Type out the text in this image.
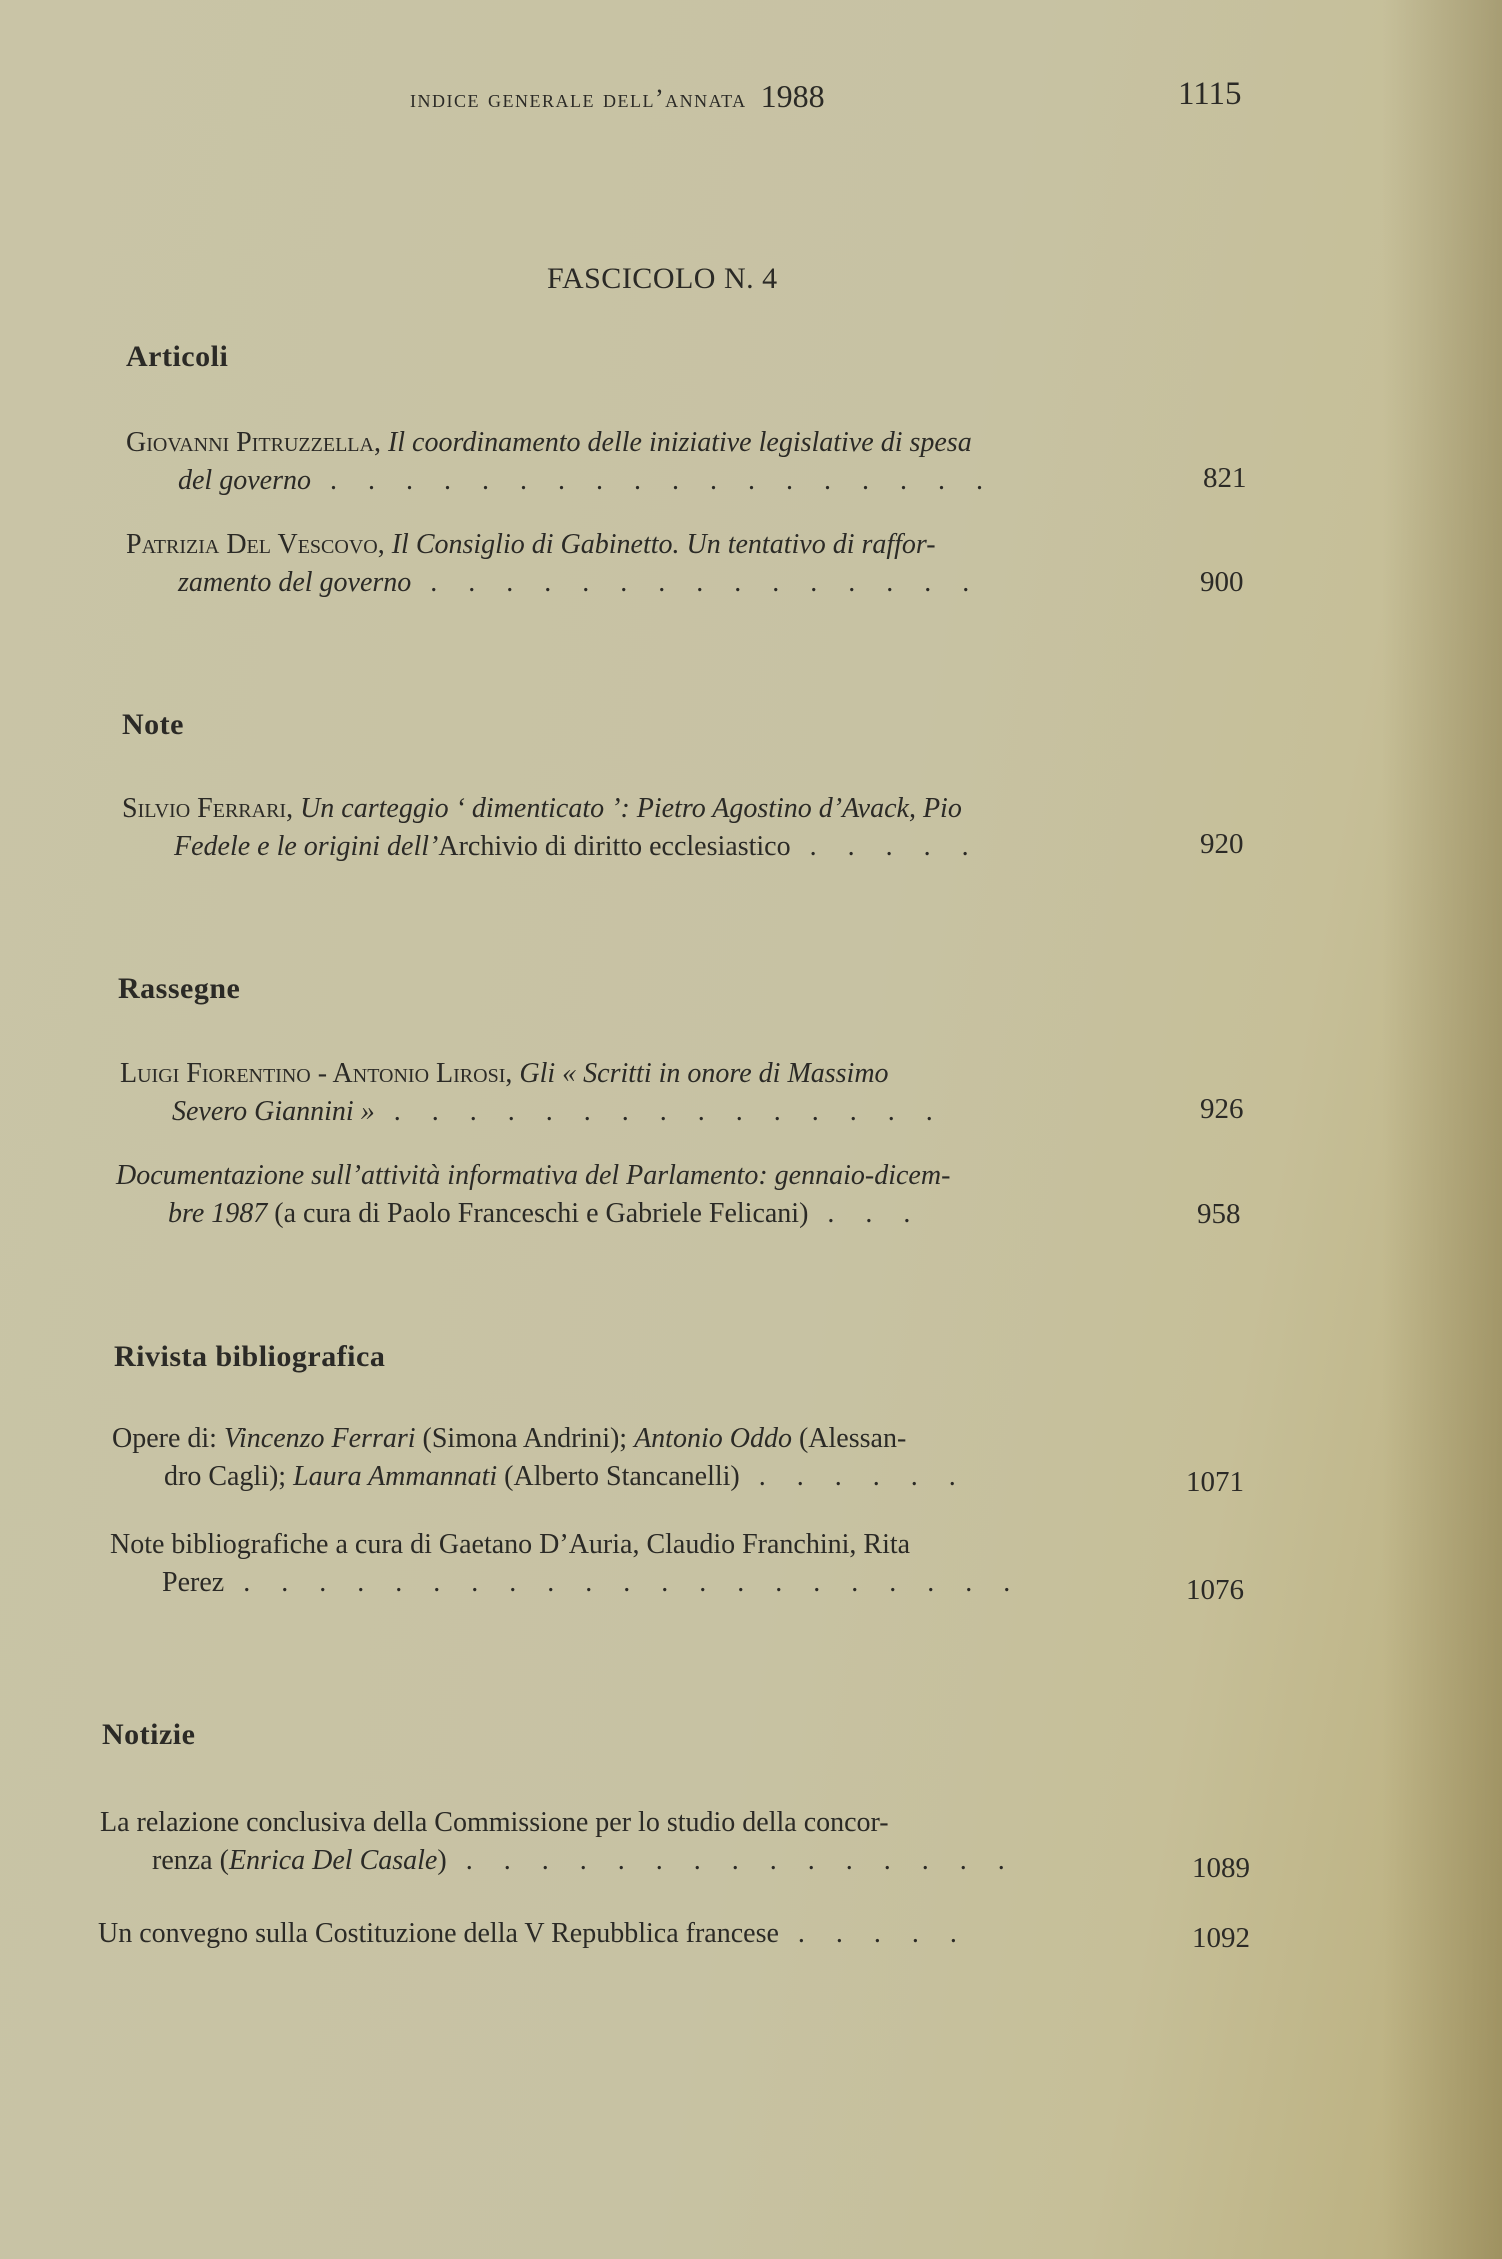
indice generale dell’annata 1988	1115
FASCICOLO N. 4
Articoli
Giovanni Pitruzzella, Il coordinamento delle iniziative legislative di spesa
del governo . . . . . . . . . . . . . . . . . .	821
Patrizia Del Vescovo, Il Consiglio di Gabinetto. Un tentativo di raffor-
zamento del governo . . . . . . . . . . . . . . .	900
Note
Silvio Ferrari, Un carteggio ‘ dimenticato ’: Pietro Agostino d’Avack, Pio
Fedele e le origini dell’Archivio di diritto ecclesiastico . . . . .	920
Rassegne
Luigi Fiorentino - Antonio Lirosi, Gli « Scritti in onore di Massimo
Severo Giannini » . . . . . . . . . . . . . . .	926
Documentazione sull’attività informativa del Parlamento: gennaio-dicem-
bre 1987 (a cura di Paolo Franceschi e Gabriele Felicani) . . .	958
Rivista bibliografica
Opere di: Vincenzo Ferrari (Simona Andrini); Antonio Oddo (Alessan-
dro Cagli); Laura Ammannati (Alberto Stancanelli) . . . . . .	1071
Note bibliografiche a cura di Gaetano D’Auria, Claudio Franchini, Rita
Perez . . . . . . . . . . . . . . . . . . . . .	1076
Notizie
La relazione conclusiva della Commissione per lo studio della concor-
renza (Enrica Del Casale) . . . . . . . . . . . . . . .	1089
Un convegno sulla Costituzione della V Repubblica francese . . . . .	1092
